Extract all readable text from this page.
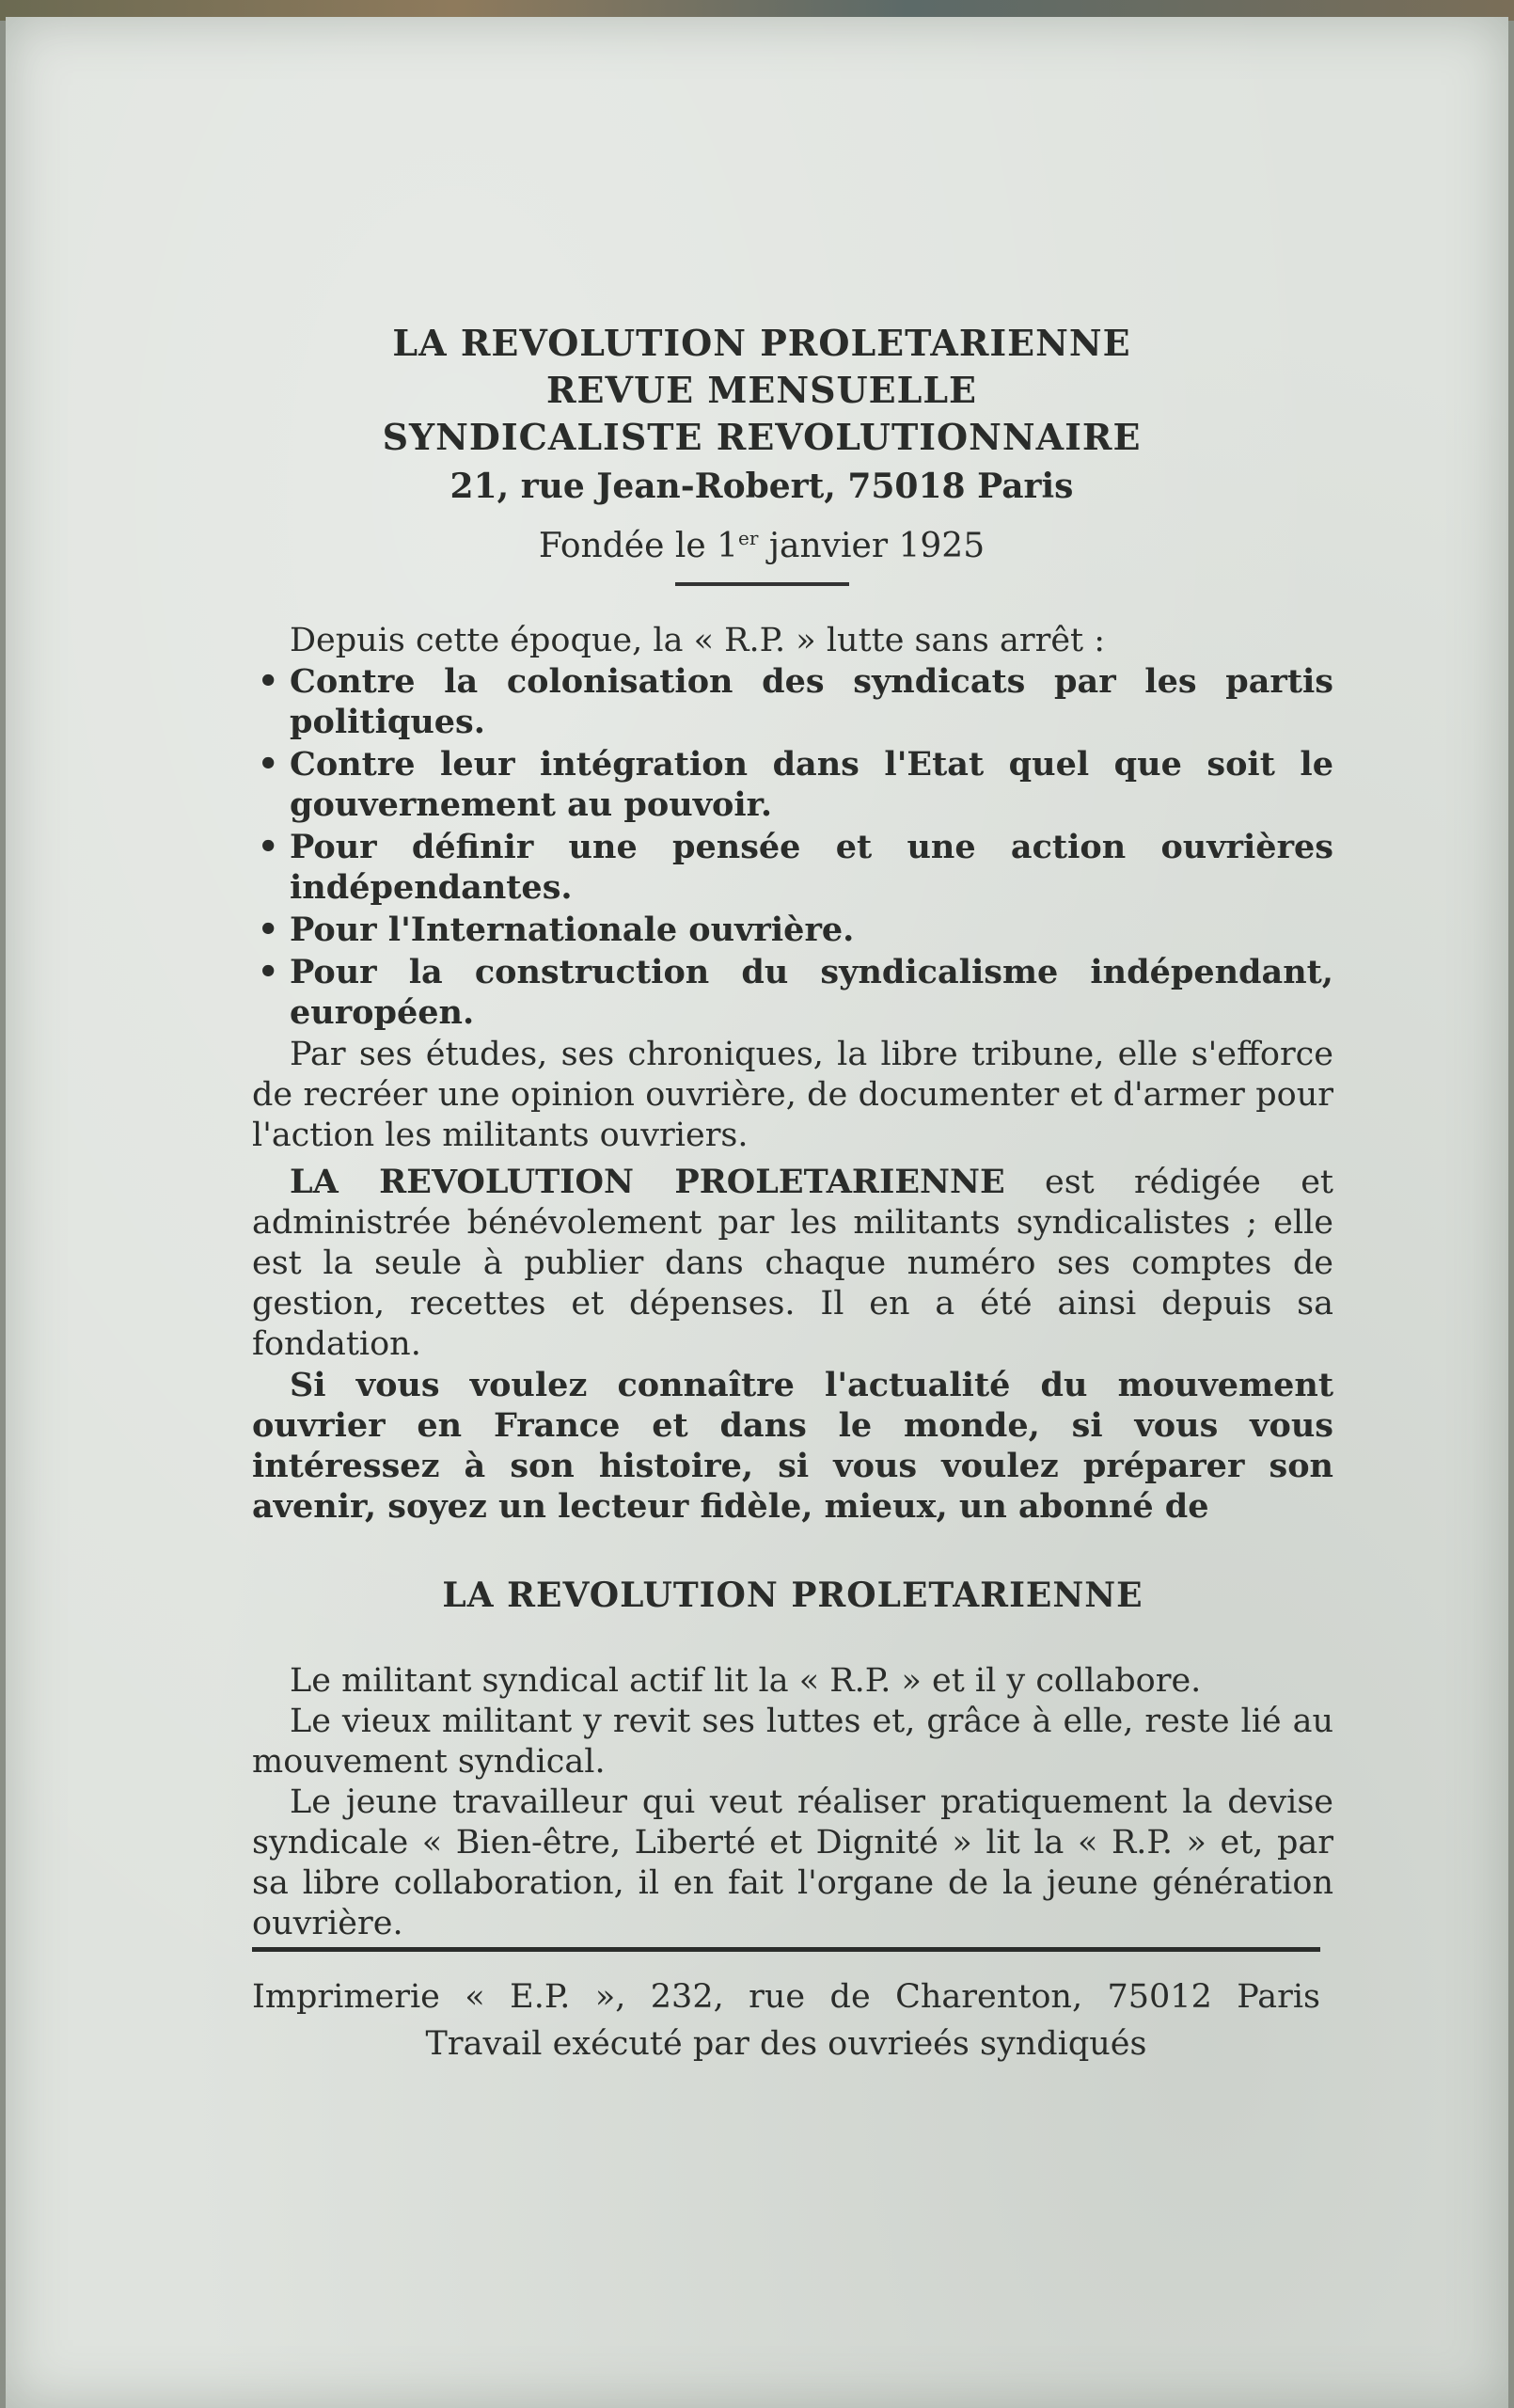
LA REVOLUTION PROLETARIENNE
REVUE MENSUELLE
SYNDICALISTE REVOLUTIONNAIRE
21, rue Jean-Robert, 75018 Paris
Fondée le 1er janvier 1925

Depuis cette époque, la « R.P. » lutte sans arrêt :

• Contre la colonisation des syndicats par les partis politiques.
• Contre leur intégration dans l'Etat quel que soit le gouvernement au pouvoir.
• Pour définir une pensée et une action ouvrières indépendantes.
• Pour l'Internationale ouvrière.
• Pour la construction du syndicalisme indépendant, européen.

Par ses études, ses chroniques, la libre tribune, elle s'efforce de recréer une opinion ouvrière, de documenter et d'armer pour l'action les militants ouvriers.

LA REVOLUTION PROLETARIENNE est rédigée et administrée bénévolement par les militants syndicalistes ; elle est la seule à publier dans chaque numéro ses comptes de gestion, recettes et dépenses. Il en a été ainsi depuis sa fondation.

Si vous voulez connaître l'actualité du mouvement ouvrier en France et dans le monde, si vous vous intéressez à son histoire, si vous voulez préparer son avenir, soyez un lecteur fidèle, mieux, un abonné de

LA REVOLUTION PROLETARIENNE

Le militant syndical actif lit la « R.P. » et il y collabore.

Le vieux militant y revit ses luttes et, grâce à elle, reste lié au mouvement syndical.

Le jeune travailleur qui veut réaliser pratiquement la devise syndicale « Bien-être, Liberté et Dignité » lit la « R.P. » et, par sa libre collaboration, il en fait l'organe de la jeune génération ouvrière.

Imprimerie « E.P. », 232, rue de Charenton, 75012 Paris
Travail exécuté par des ouvrieés syndiqués
